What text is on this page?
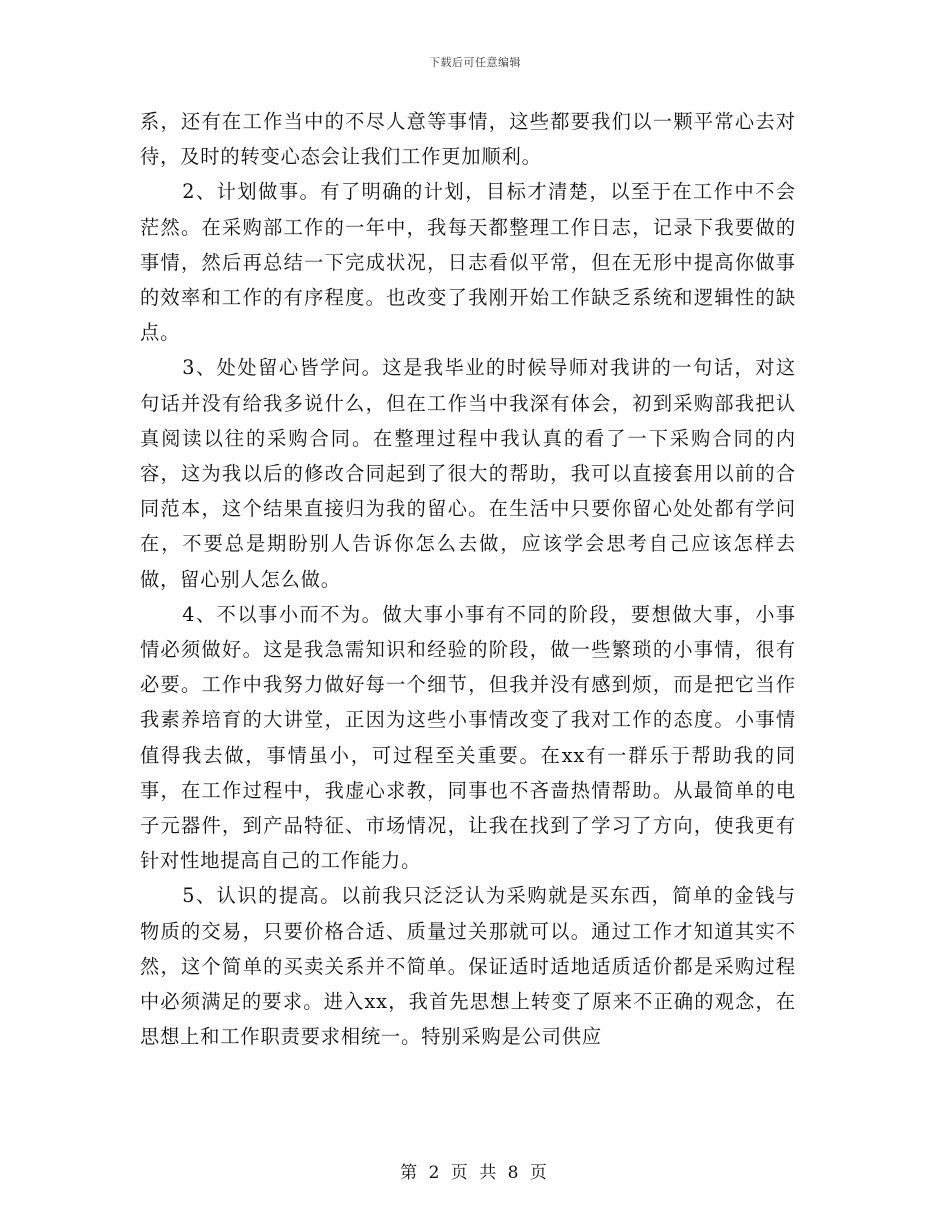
下载后可任意编辑

系，还有在工作当中的不尽人意等事情，这些都要我们以一颗平常心去对待，及时的转变心态会让我们工作更加顺利。

2、计划做事。有了明确的计划，目标才清楚，以至于在工作中不会茫然。在采购部工作的一年中，我每天都整理工作日志，记录下我要做的事情，然后再总结一下完成状况，日志看似平常，但在无形中提高你做事的效率和工作的有序程度。也改变了我刚开始工作缺乏系统和逻辑性的缺点。

3、处处留心皆学问。这是我毕业的时候导师对我讲的一句话，对这句话并没有给我多说什么，但在工作当中我深有体会，初到采购部我把认真阅读以往的采购合同。在整理过程中我认真的看了一下采购合同的内容，这为我以后的修改合同起到了很大的帮助，我可以直接套用以前的合同范本，这个结果直接归为我的留心。在生活中只要你留心处处都有学问在，不要总是期盼别人告诉你怎么去做，应该学会思考自己应该怎样去做，留心别人怎么做。

4、不以事小而不为。做大事小事有不同的阶段，要想做大事，小事情必须做好。这是我急需知识和经验的阶段，做一些繁琐的小事情，很有必要。工作中我努力做好每一个细节，但我并没有感到烦，而是把它当作我素养培育的大讲堂，正因为这些小事情改变了我对工作的态度。小事情值得我去做，事情虽小，可过程至关重要。在xx有一群乐于帮助我的同事，在工作过程中，我虚心求教，同事也不吝啬热情帮助。从最简单的电子元器件，到产品特征、市场情况，让我在找到了学习了方向，使我更有针对性地提高自己的工作能力。

5、认识的提高。以前我只泛泛认为采购就是买东西，简单的金钱与物质的交易，只要价格合适、质量过关那就可以。通过工作才知道其实不然，这个简单的买卖关系并不简单。保证适时适地适质适价都是采购过程中必须满足的要求。进入xx，我首先思想上转变了原来不正确的观念，在思想上和工作职责要求相统一。特别采购是公司供应

第 2 页 共 8 页
